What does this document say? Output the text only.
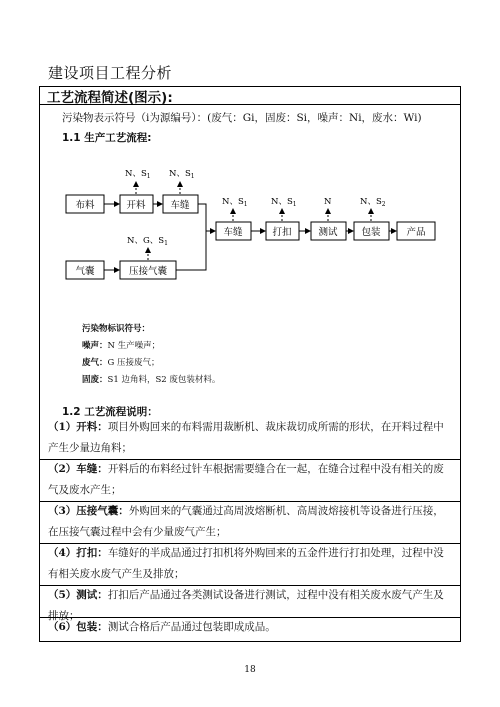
建设项目工程分析
工艺流程简述(图示):
污染物表示符号（i为源编号）：(废气：Gi，固废：Si，噪声：Ni，废水：Wi)
1.1 生产工艺流程:
布料	开料	车缝
气囊	压接气囊
车缝	打扣	测试	包装	产品
N、$S_1$ N、$S_1$
N、G、$S_1$
N、$S_1$	N、$S_1$	N	N、$S_2$
污染物标识符号：
噪声：N 生产噪声；
废气：G 压接废气；
固废：S1 边角料，S2 废包装材料。
1.2 工艺流程说明：
（1）开料：项目外购回来的布料需用裁断机、裁床裁切成所需的形状，在开料过程中产生少量边角料；
（2）车缝：开料后的布料经过针车根据需要缝合在一起，在缝合过程中没有相关的废气及废水产生；
（3）压接气囊：外购回来的气囊通过高周波熔断机、高周波熔接机等设备进行压接，在压接气囊过程中会有少量废气产生；
（4）打扣：车缝好的半成品通过打扣机将外购回来的五金件进行打扣处理，过程中没有相关废水废气产生及排放；
（5）测试：打扣后产品通过各类测试设备进行测试，过程中没有相关废水废气产生及排放；
（6）包装：测试合格后产品通过包装即成成品。
18
